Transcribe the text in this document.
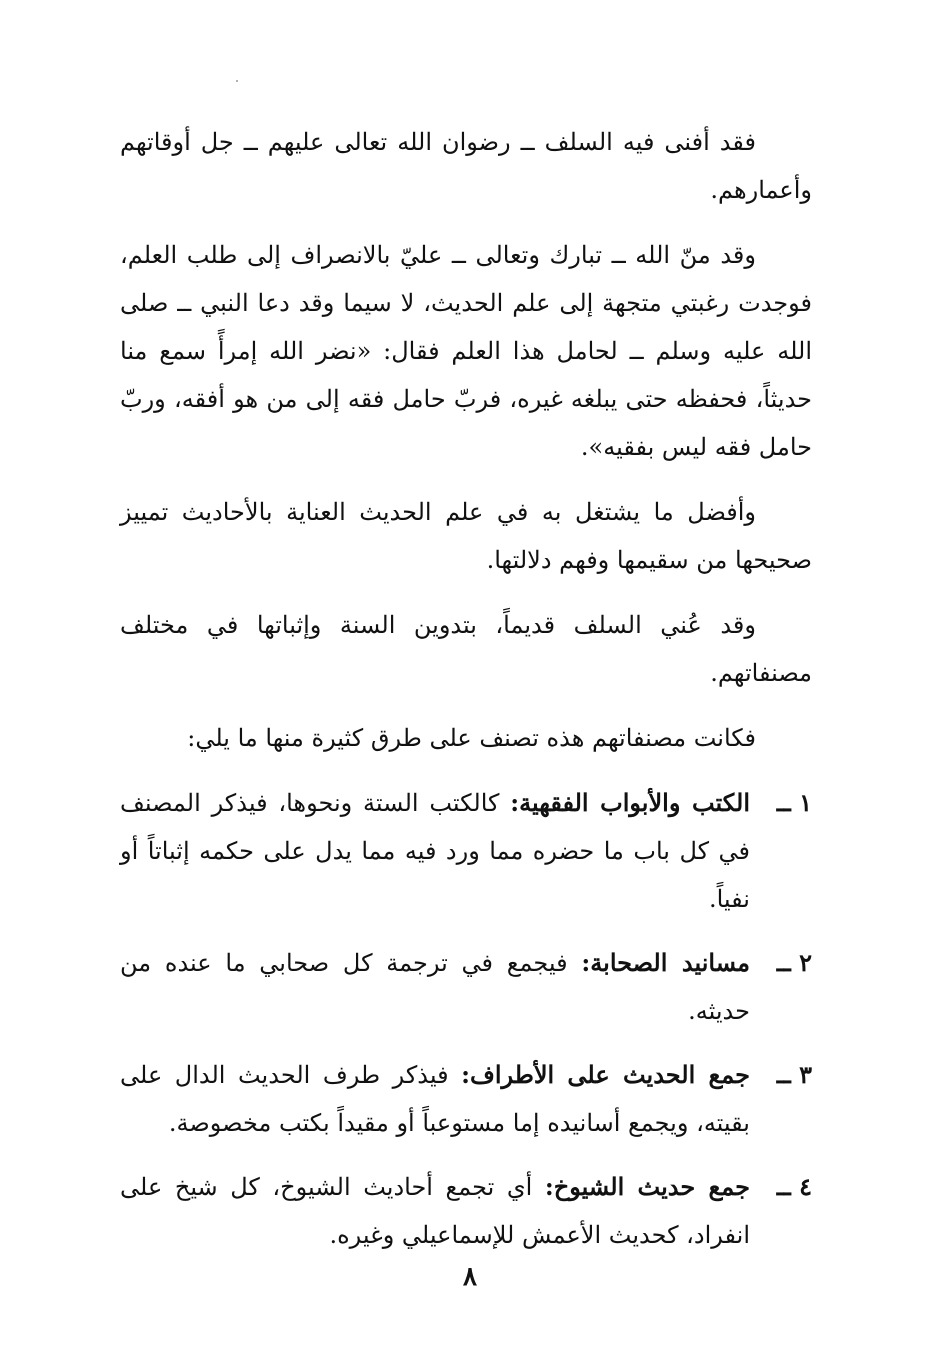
فقد أفنى فيه السلف ــ رضوان الله تعالى عليهم ــ جل أوقاتهم وأعمارهم.

وقد منّ الله ــ تبارك وتعالى ــ عليّ بالانصراف إلى طلب العلم، فوجدت رغبتي متجهة إلى علم الحديث، لا سيما وقد دعا النبي ــ صلى الله عليه وسلم ــ لحامل هذا العلم فقال: «نضر الله إمرأً سمع منا حديثاً، فحفظه حتى يبلغه غيره، فربّ حامل فقه إلى من هو أفقه، وربّ حامل فقه ليس بفقيه».

وأفضل ما يشتغل به في علم الحديث العناية بالأحاديث تمييز صحيحها من سقيمها وفهم دلالتها.

وقد عُني السلف قديماً، بتدوين السنة وإثباتها في مختلف مصنفاتهم.

فكانت مصنفاتهم هذه تصنف على طرق كثيرة منها ما يلي:

١ ــ
الكتب والأبواب الفقهية: كالكتب الستة ونحوها، فيذكر المصنف في كل باب ما حضره مما ورد فيه مما يدل على حكمه إثباتاً أو نفياً.
٢ ــ
مسانيد الصحابة: فيجمع في ترجمة كل صحابي ما عنده من حديثه.
٣ ــ
جمع الحديث على الأطراف: فيذكر طرف الحديث الدال على بقيته، ويجمع أسانيده إما مستوعباً أو مقيداً بكتب مخصوصة.
٤ ــ
جمع حديث الشيوخ: أي تجمع أحاديث الشيوخ، كل شيخ على انفراد، كحديث الأعمش للإسماعيلي وغيره.
٨
